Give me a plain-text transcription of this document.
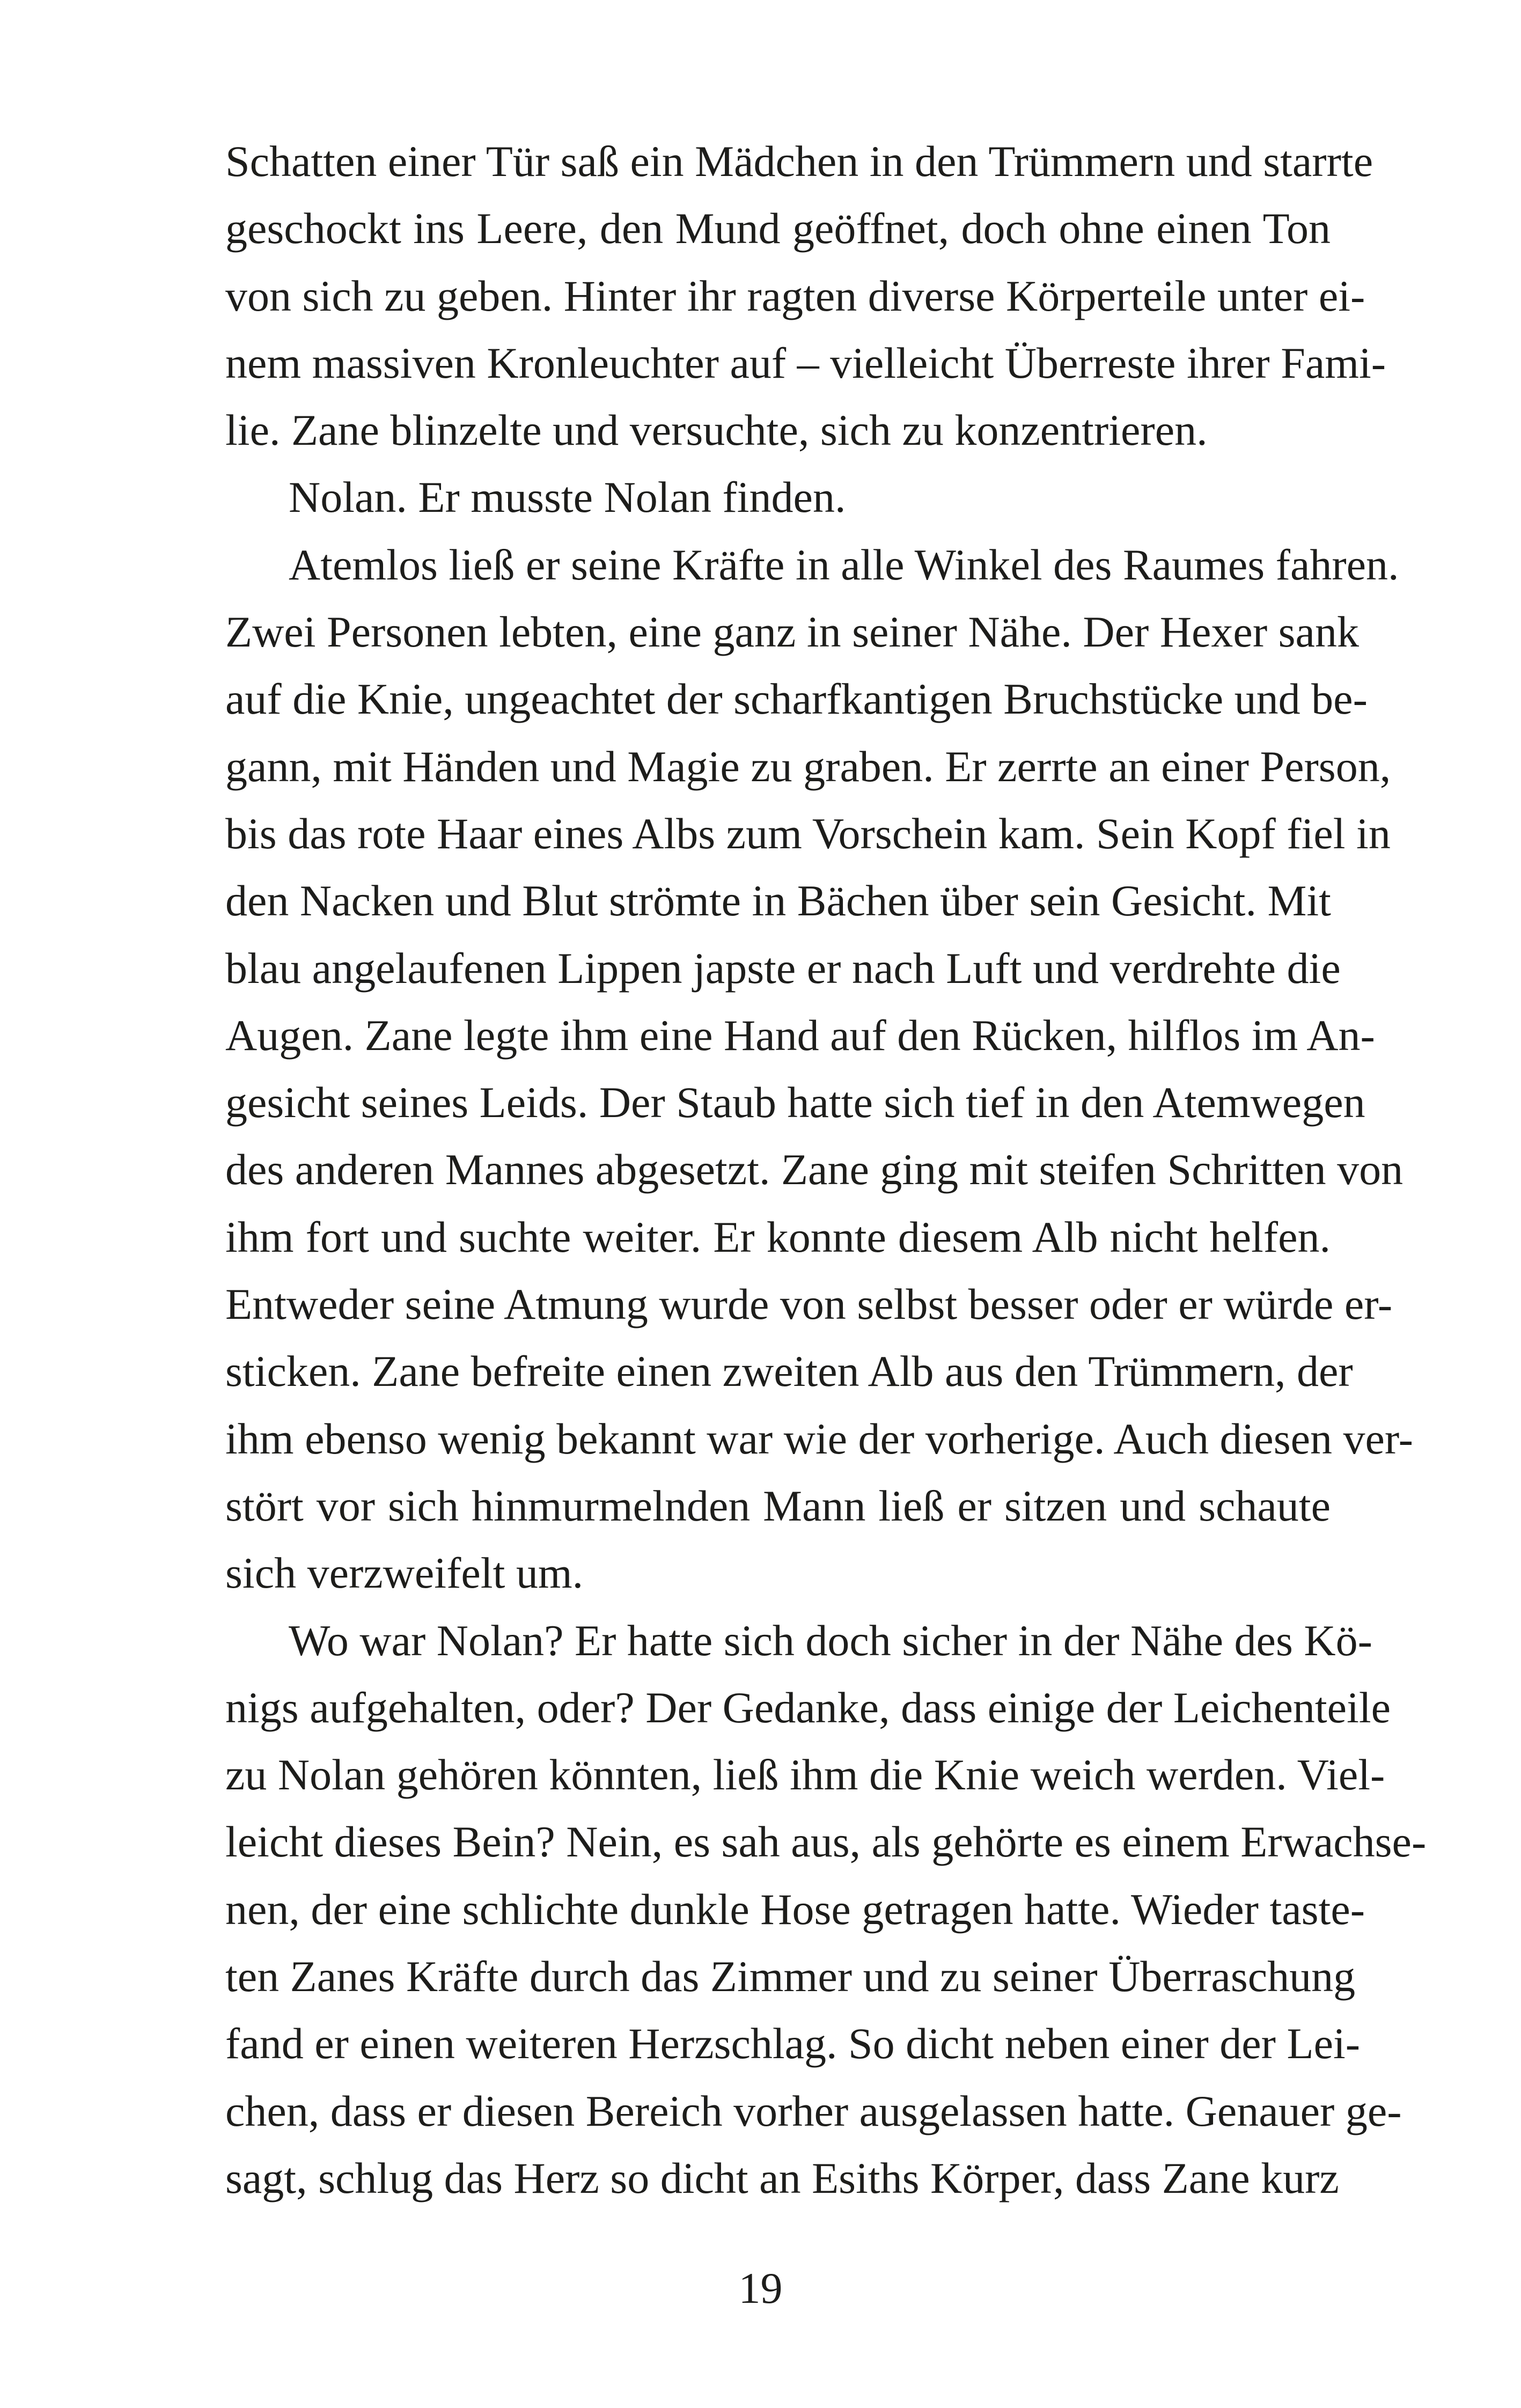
Schatten einer Tür saß ein Mädchen in den Trümmern und starrte
geschockt ins Leere, den Mund geöffnet, doch ohne einen Ton
von sich zu geben. Hinter ihr ragten diverse Körperteile unter ei-
nem massiven Kronleuchter auf – vielleicht Überreste ihrer Fami-
lie. Zane blinzelte und versuchte, sich zu konzentrieren.
Nolan. Er musste Nolan finden.
Atemlos ließ er seine Kräfte in alle Winkel des Raumes fahren.
Zwei Personen lebten, eine ganz in seiner Nähe. Der Hexer sank
auf die Knie, ungeachtet der scharfkantigen Bruchstücke und be-
gann, mit Händen und Magie zu graben. Er zerrte an einer Person,
bis das rote Haar eines Albs zum Vorschein kam. Sein Kopf fiel in
den Nacken und Blut strömte in Bächen über sein Gesicht. Mit
blau angelaufenen Lippen japste er nach Luft und verdrehte die
Augen. Zane legte ihm eine Hand auf den Rücken, hilflos im An-
gesicht seines Leids. Der Staub hatte sich tief in den Atemwegen
des anderen Mannes abgesetzt. Zane ging mit steifen Schritten von
ihm fort und suchte weiter. Er konnte diesem Alb nicht helfen.
Entweder seine Atmung wurde von selbst besser oder er würde er-
sticken. Zane befreite einen zweiten Alb aus den Trümmern, der
ihm ebenso wenig bekannt war wie der vorherige. Auch diesen ver-
stört vor sich hinmurmelnden Mann ließ er sitzen und schaute
sich verzweifelt um.
Wo war Nolan? Er hatte sich doch sicher in der Nähe des Kö-
nigs aufgehalten, oder? Der Gedanke, dass einige der Leichenteile
zu Nolan gehören könnten, ließ ihm die Knie weich werden. Viel-
leicht dieses Bein? Nein, es sah aus, als gehörte es einem Erwachse-
nen, der eine schlichte dunkle Hose getragen hatte. Wieder taste-
ten Zanes Kräfte durch das Zimmer und zu seiner Überraschung
fand er einen weiteren Herzschlag. So dicht neben einer der Lei-
chen, dass er diesen Bereich vorher ausgelassen hatte. Genauer ge-
sagt, schlug das Herz so dicht an Esiths Körper, dass Zane kurz
19
